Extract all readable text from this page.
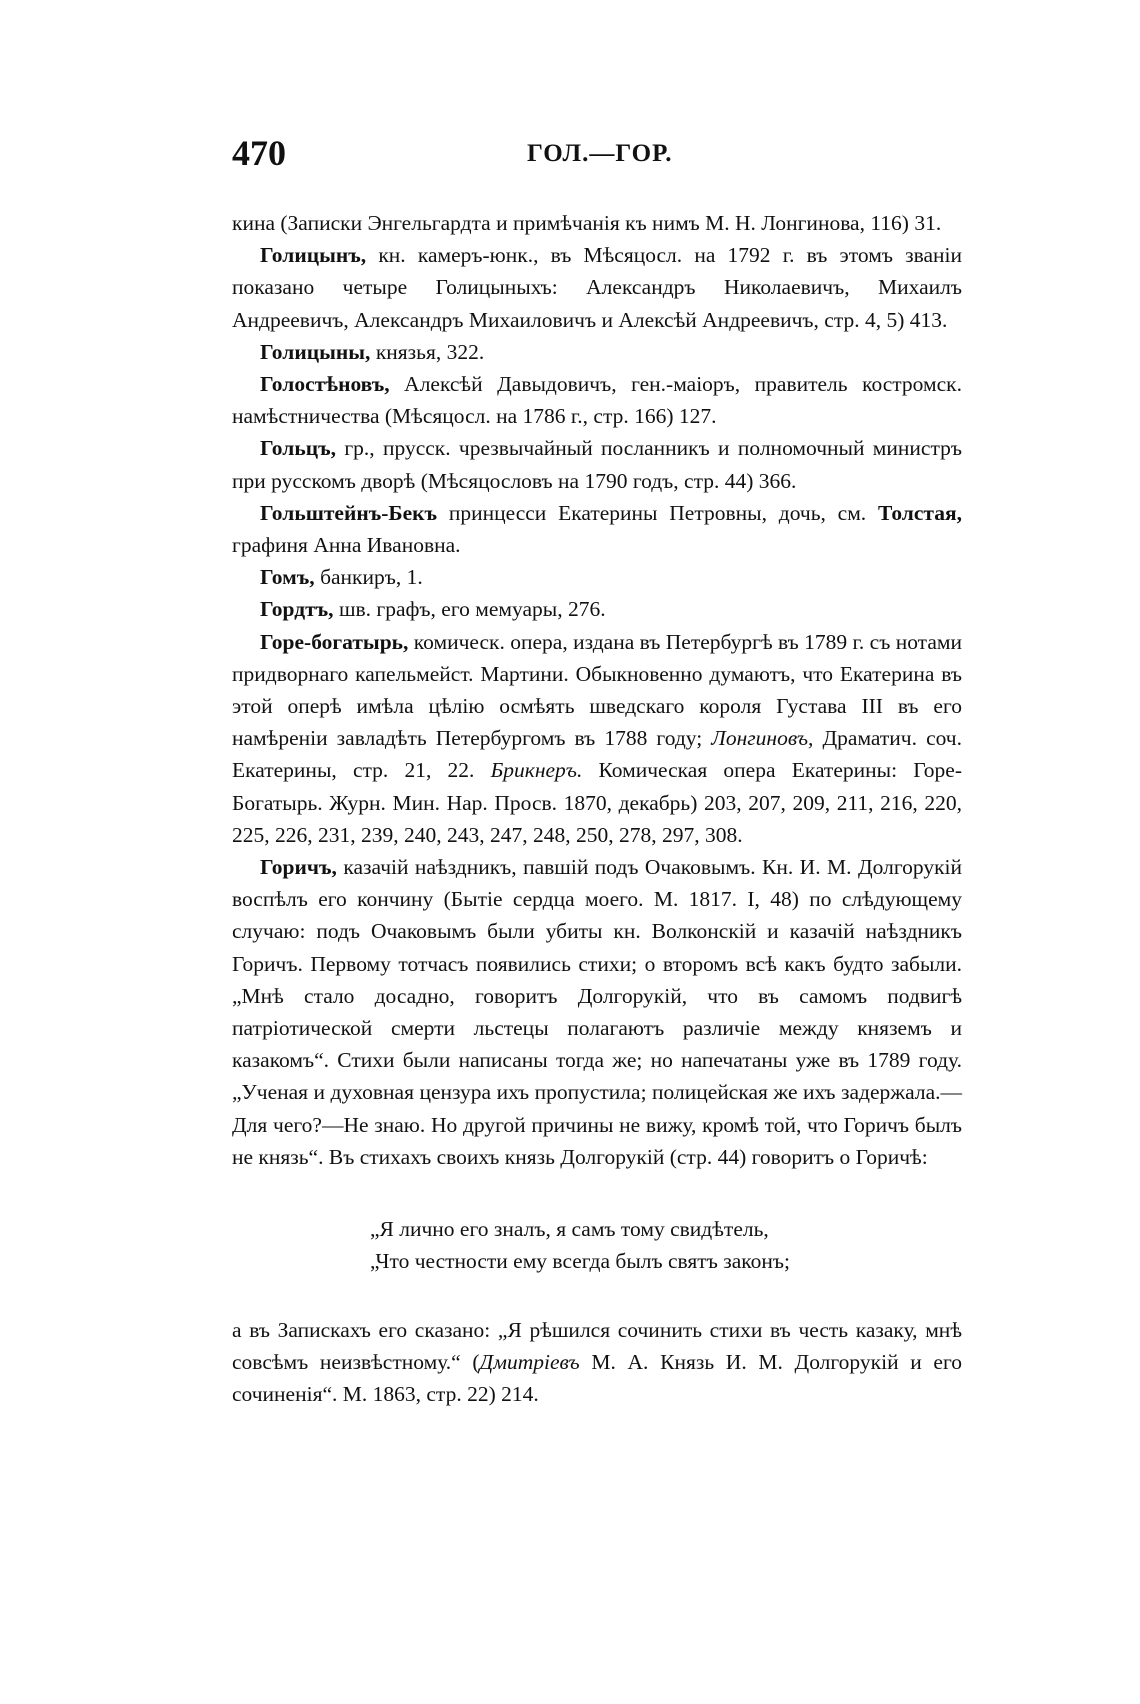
470	ГОЛ.—ГОР.

кина (Записки Энгельгардта и примѣчанія къ нимъ М. Н. Лонгинова, 116) 31.

Голицынъ, кн. камеръ-юнк., въ Мѣсяцосл. на 1792 г. въ этомъ званіи показано четыре Голицыныхъ: Александръ Николаевичъ, Михаилъ Андреевичъ, Александръ Михаиловичъ и Алексѣй Андреевичъ, стр. 4, 5) 413.

Голицыны, князья, 322.

Голостѣновъ, Алексѣй Давыдовичъ, ген.-маіоръ, правитель костромск. намѣстничества (Мѣсяцосл. на 1786 г., стр. 166) 127.

Гольцъ, гр., прусск. чрезвычайный посланникъ и полномочный министръ при русскомъ дворѣ (Мѣсяцословъ на 1790 годъ, стр. 44) 366.

Гольштейнъ-Бекъ принцесси Екатерины Петровны, дочь, см. Толстая, графиня Анна Ивановна.

Гомъ, банкиръ, 1.

Гордтъ, шв. графъ, его мемуары, 276.

Горе-богатырь, комическ. опера, издана въ Петербургѣ въ 1789 г. съ нотами придворнаго капельмейст. Мартини. Обыкновенно думаютъ, что Екатерина въ этой оперѣ имѣла цѣлію осмѣять шведскаго короля Густава III въ его намѣреніи завладѣть Петербургомъ въ 1788 году; Лонгиновъ, Драматич. соч. Екатерины, стр. 21, 22. Брикнеръ. Комическая опера Екатерины: Горе-Богатырь. Журн. Мин. Нар. Просв. 1870, декабрь) 203, 207, 209, 211, 216, 220, 225, 226, 231, 239, 240, 243, 247, 248, 250, 278, 297, 308.

Горичъ, казачій наѣздникъ, павшій подъ Очаковымъ. Кн. И. М. Долгорукій воспѣлъ его кончину (Бытіе сердца моего. М. 1817. I, 48) по слѣдующему случаю: подъ Очаковымъ были убиты кн. Волконскій и казачій наѣздникъ Горичъ. Первому тотчасъ появились стихи; о второмъ всѣ какъ будто забыли. „Мнѣ стало досадно, говоритъ Долгорукій, что въ самомъ подвигѣ патріотической смерти льстецы полагаютъ различіе между княземъ и казакомъ“. Стихи были написаны тогда же; но напечатаны уже въ 1789 году. „Ученая и духовная цензура ихъ пропустила; полицейская же ихъ задержала.—Для чего?—Не знаю. Но другой причины не вижу, кромѣ той, что Горичъ былъ не князь“. Въ стихахъ своихъ князь Долгорукій (стр. 44) говоритъ о Горичѣ:

„Я лично его зналъ, я самъ тому свидѣтель,
„Что честности ему всегда былъ святъ законъ;

а въ Запискахъ его сказано: „Я рѣшился сочинить стихи въ честь казаку, мнѣ совсѣмъ неизвѣстному.“ (Дмитріевъ М. А. Князь И. М. Долгорукій и его сочиненія“. М. 1863, стр. 22) 214.
